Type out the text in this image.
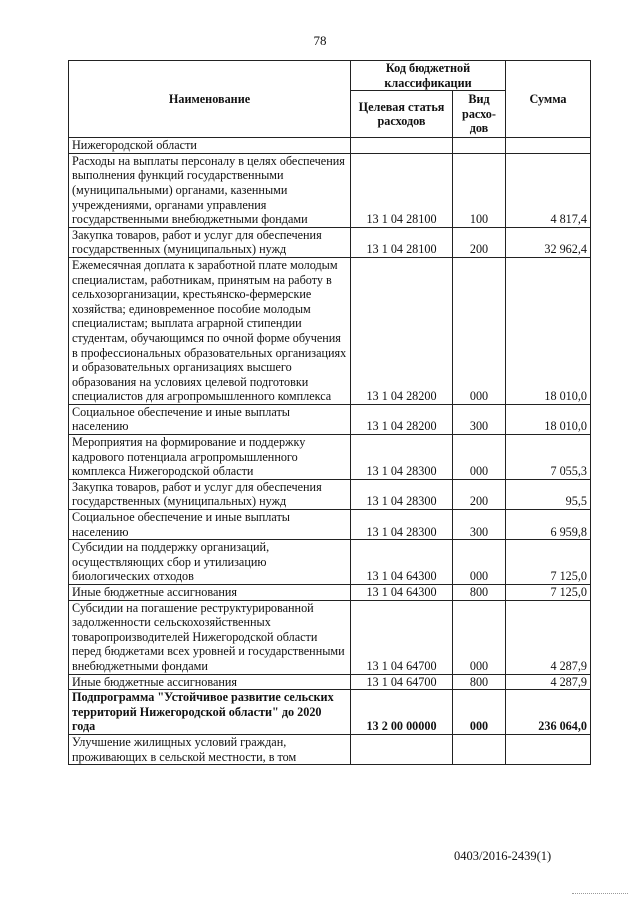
78
Наименование	Код бюджетной классификации		Сумма
	Целевая статья расходов	Вид расхо-дов	
Нижегородской области			
Расходы на выплаты персоналу в целях обеспечения выполнения функций государственными (муниципальными) органами, казенными учреждениями, органами управления государственными внебюджетными фондами	13 1 04 28100	100	4 817,4
Закупка товаров, работ и услуг для обеспечения государственных (муниципальных) нужд	13 1 04 28100	200	32 962,4
Ежемесячная доплата к заработной плате молодым специалистам, работникам, принятым на работу в сельхозорганизации, крестьянско-фермерские хозяйства; единовременное пособие молодым специалистам; выплата аграрной стипендии студентам, обучающимся по очной форме обучения в профессиональных образовательных организациях и образовательных организациях высшего образования на условиях целевой подготовки специалистов для агропромышленного комплекса	13 1 04 28200	000	18 010,0
Социальное обеспечение и иные выплаты населению	13 1 04 28200	300	18 010,0
Мероприятия на формирование и поддержку кадрового потенциала агропромышленного комплекса Нижегородской области	13 1 04 28300	000	7 055,3
Закупка товаров, работ и услуг для обеспечения государственных (муниципальных) нужд	13 1 04 28300	200	95,5
Социальное обеспечение и иные выплаты населению	13 1 04 28300	300	6 959,8
Субсидии на поддержку организаций, осуществляющих сбор и утилизацию биологических отходов	13 1 04 64300	000	7 125,0
Иные бюджетные ассигнования	13 1 04 64300	800	7 125,0
Субсидии на погашение реструктурированной задолженности сельскохозяйственных товаропроизводителей Нижегородской области перед бюджетами всех уровней и государственными внебюджетными фондами	13 1 04 64700	000	4 287,9
Иные бюджетные ассигнования	13 1 04 64700	800	4 287,9
Подпрограмма "Устойчивое развитие сельских территорий Нижегородской области" до 2020 года	13 2 00 00000	000	236 064,0
Улучшение жилищных условий граждан, проживающих в сельской местности, в том			
0403/2016-2439(1)
